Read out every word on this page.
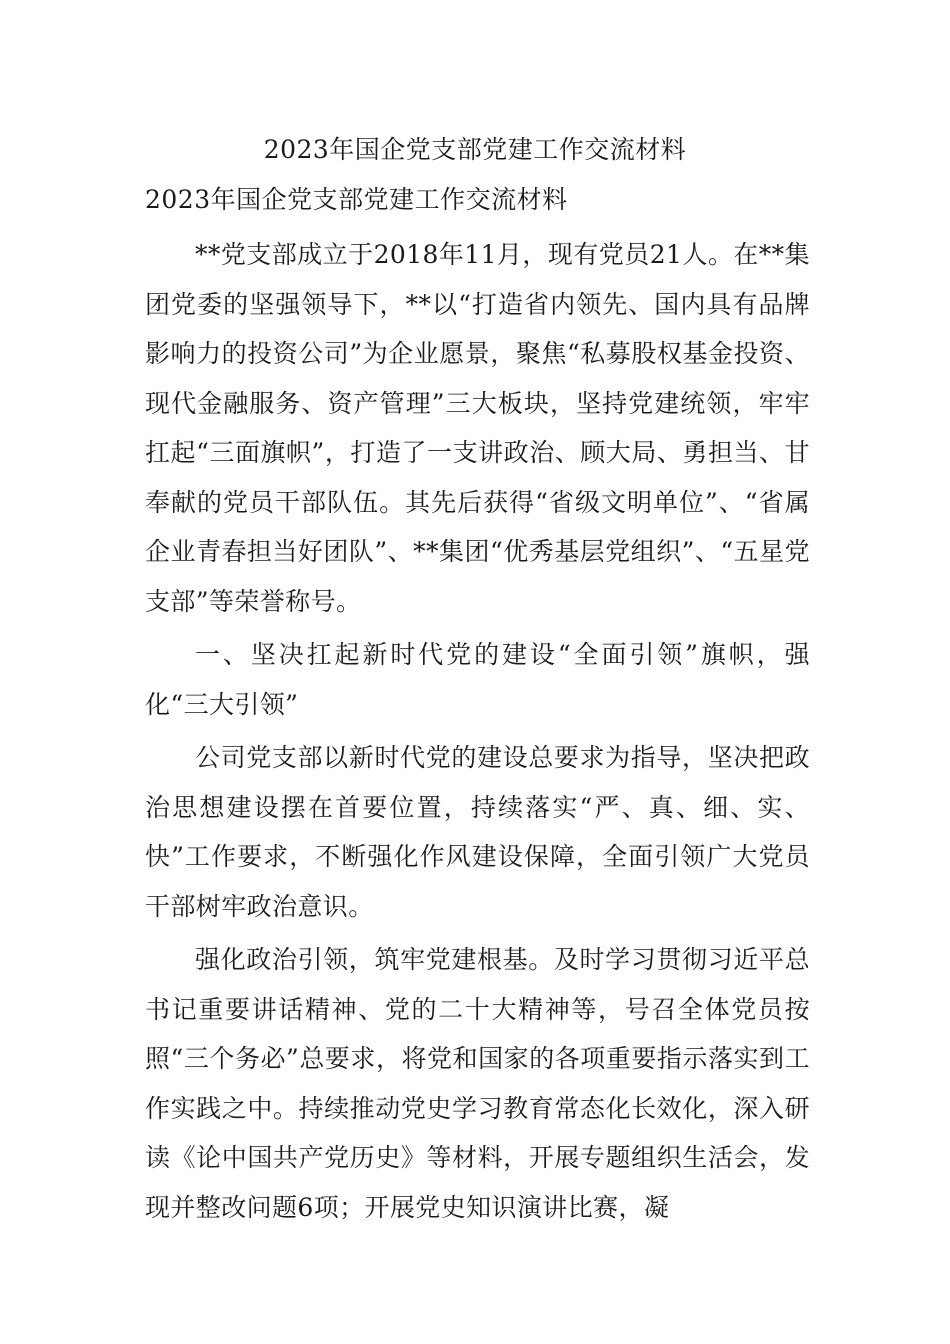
2023年国企党支部党建工作交流材料
2023年国企党支部党建工作交流材料

**党支部成立于2018年11月，现有党员21人。在**集团党委的坚强领导下，**以“打造省内领先、国内具有品牌影响力的投资公司”为企业愿景，聚焦“私募股权基金投资、现代金融服务、资产管理”三大板块，坚持党建统领，牢牢扛起“三面旗帜”，打造了一支讲政治、顾大局、勇担当、甘奉献的党员干部队伍。其先后获得“省级文明单位”、“省属企业青春担当好团队”、**集团“优秀基层党组织”、“五星党支部”等荣誉称号。

一、坚决扛起新时代党的建设“全面引领”旗帜，强化“三大引领”

公司党支部以新时代党的建设总要求为指导，坚决把政治思想建设摆在首要位置，持续落实“严、真、细、实、快”工作要求，不断强化作风建设保障，全面引领广大党员干部树牢政治意识。

强化政治引领，筑牢党建根基。及时学习贯彻习近平总书记重要讲话精神、党的二十大精神等，号召全体党员按照“三个务必”总要求，将党和国家的各项重要指示落实到工作实践之中。持续推动党史学习教育常态化长效化，深入研读《论中国共产党历史》等材料，开展专题组织生活会，发现并整改问题6项；开展党史知识演讲比赛，凝
